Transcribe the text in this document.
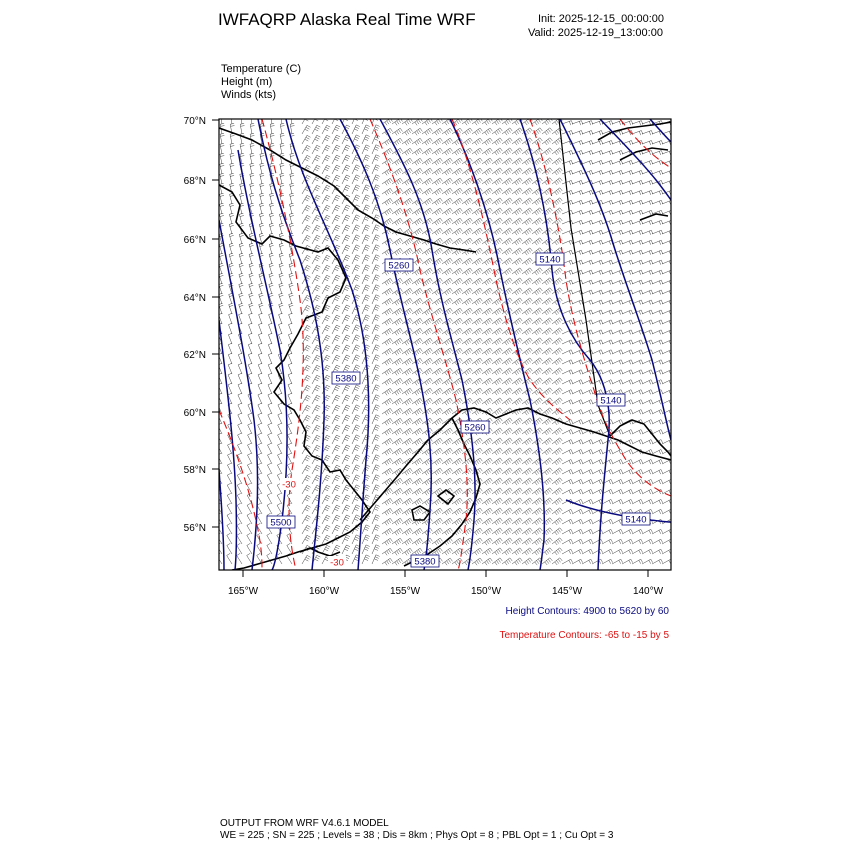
IWFAQRP Alaska Real Time WRF	Init: 2025-12-15_00:00:00
Valid: 2025-12-19_13:00:00
Temperature (C)
Height (m)
Winds (kts)
5260
5140
5380
5260
5140
5500
5380
5140
-30
-30
70°N
68°N
66°N
64°N
62°N
60°N
58°N
56°N
165°W	160°W	155°W	150°W	145°W	140°W
Height Contours: 4900 to 5620 by 60
Temperature Contours: -65 to -15 by 5
OUTPUT FROM WRF V4.6.1 MODEL
WE = 225 ; SN = 225 ; Levels = 38 ; Dis = 8km ; Phys Opt = 8 ; PBL Opt = 1 ; Cu Opt = 3
